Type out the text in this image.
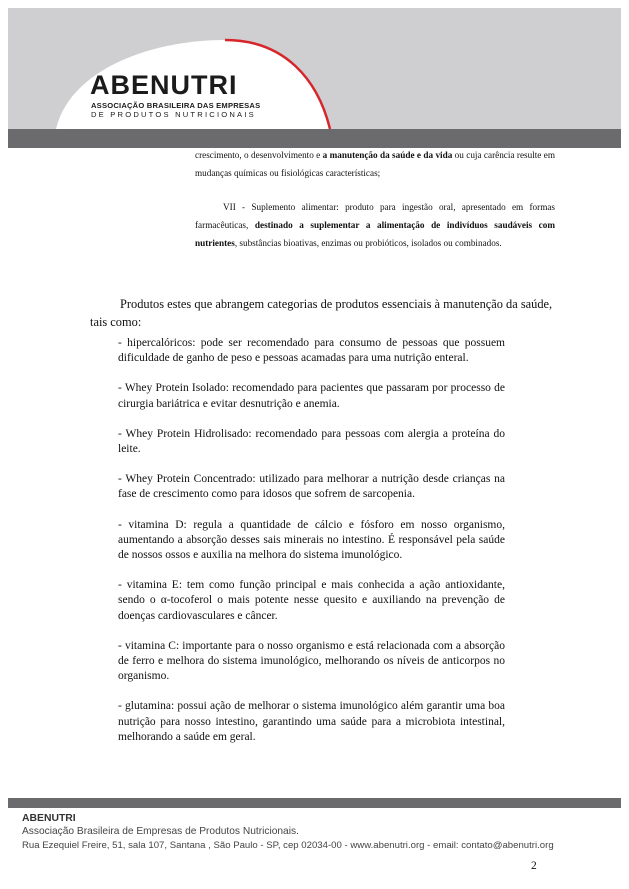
ABENUTRI
ASSOCIAÇÃO BRASILEIRA DAS EMPRESAS
DE PRODUTOS NUTRICIONAIS

crescimento, o desenvolvimento e a manutenção da saúde e da vida ou cuja carência resulte em mudanças químicas ou fisiológicas características;

VII - Suplemento alimentar: produto para ingestão oral, apresentado em formas farmacêuticas, destinado a suplementar a alimentação de indivíduos saudáveis com nutrientes, substâncias bioativas, enzimas ou probióticos, isolados ou combinados.

Produtos estes que abrangem categorias de produtos essenciais à manutenção da saúde,
tais como:
- hipercalóricos: pode ser recomendado para consumo de pessoas que possuem dificuldade de ganho de peso e pessoas acamadas para uma nutrição enteral.
- Whey Protein Isolado: recomendado para pacientes que passaram por processo de cirurgia bariátrica e evitar desnutrição e anemia.
- Whey Protein Hidrolisado: recomendado para pessoas com alergia a proteína do leite.
- Whey Protein Concentrado: utilizado para melhorar a nutrição desde crianças na fase de crescimento como para idosos que sofrem de sarcopenia.
- vitamina D: regula a quantidade de cálcio e fósforo em nosso organismo, aumentando a absorção desses sais minerais no intestino. É responsável pela saúde de nossos ossos e auxilia na melhora do sistema imunológico.
- vitamina E: tem como função principal e mais conhecida a ação antioxidante, sendo o α-tocoferol o mais potente nesse quesito e auxiliando na prevenção de doenças cardiovasculares e câncer.
- vitamina C: importante para o nosso organismo e está relacionada com a absorção de ferro e melhora do sistema imunológico, melhorando os níveis de anticorpos no organismo.
- glutamina: possui ação de melhorar o sistema imunológico além garantir uma boa nutrição para nosso intestino, garantindo uma saúde para a microbiota intestinal, melhorando a saúde em geral.
ABENUTRI
Associação Brasileira de Empresas de Produtos Nutricionais.
Rua Ezequiel Freire, 51, sala 107, Santana , São Paulo - SP, cep 02034-00 - www.abenutri.org - email: contato@abenutri.org
2
